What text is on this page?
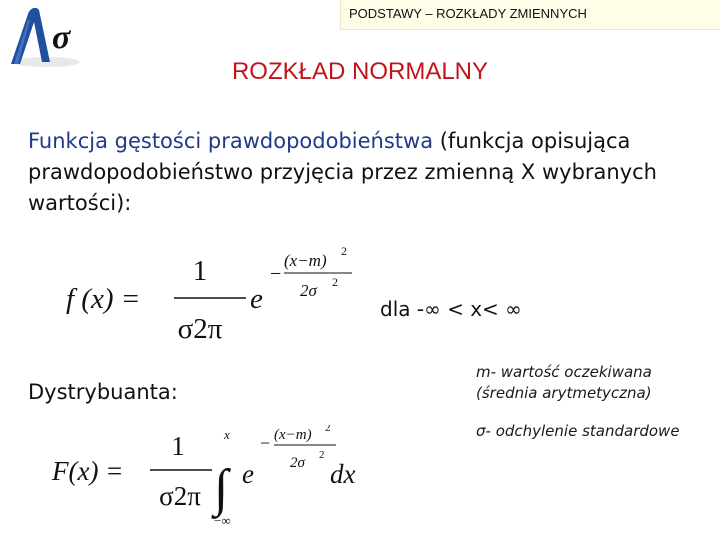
PODSTAWY – ROZKŁADY ZMIENNYCH
σ
ROZKŁAD NORMALNY

Funkcja gęstości prawdopodobieństwa (funkcja opisująca prawdopodobieństwo przyjęcia przez zmienną X wybranych wartości):

f (x) =
1
σ2π
e
−
(x−m) 2
2σ 2
dla -∞ < x< ∞
Dystrybuanta:

m- wartość oczekiwana (średnia arytmetyczna)

σ- odchylenie standardowe

F(x) =
1
σ2π
x
∫
−∞
e
− (x−m) 2
2σ 2
dx
